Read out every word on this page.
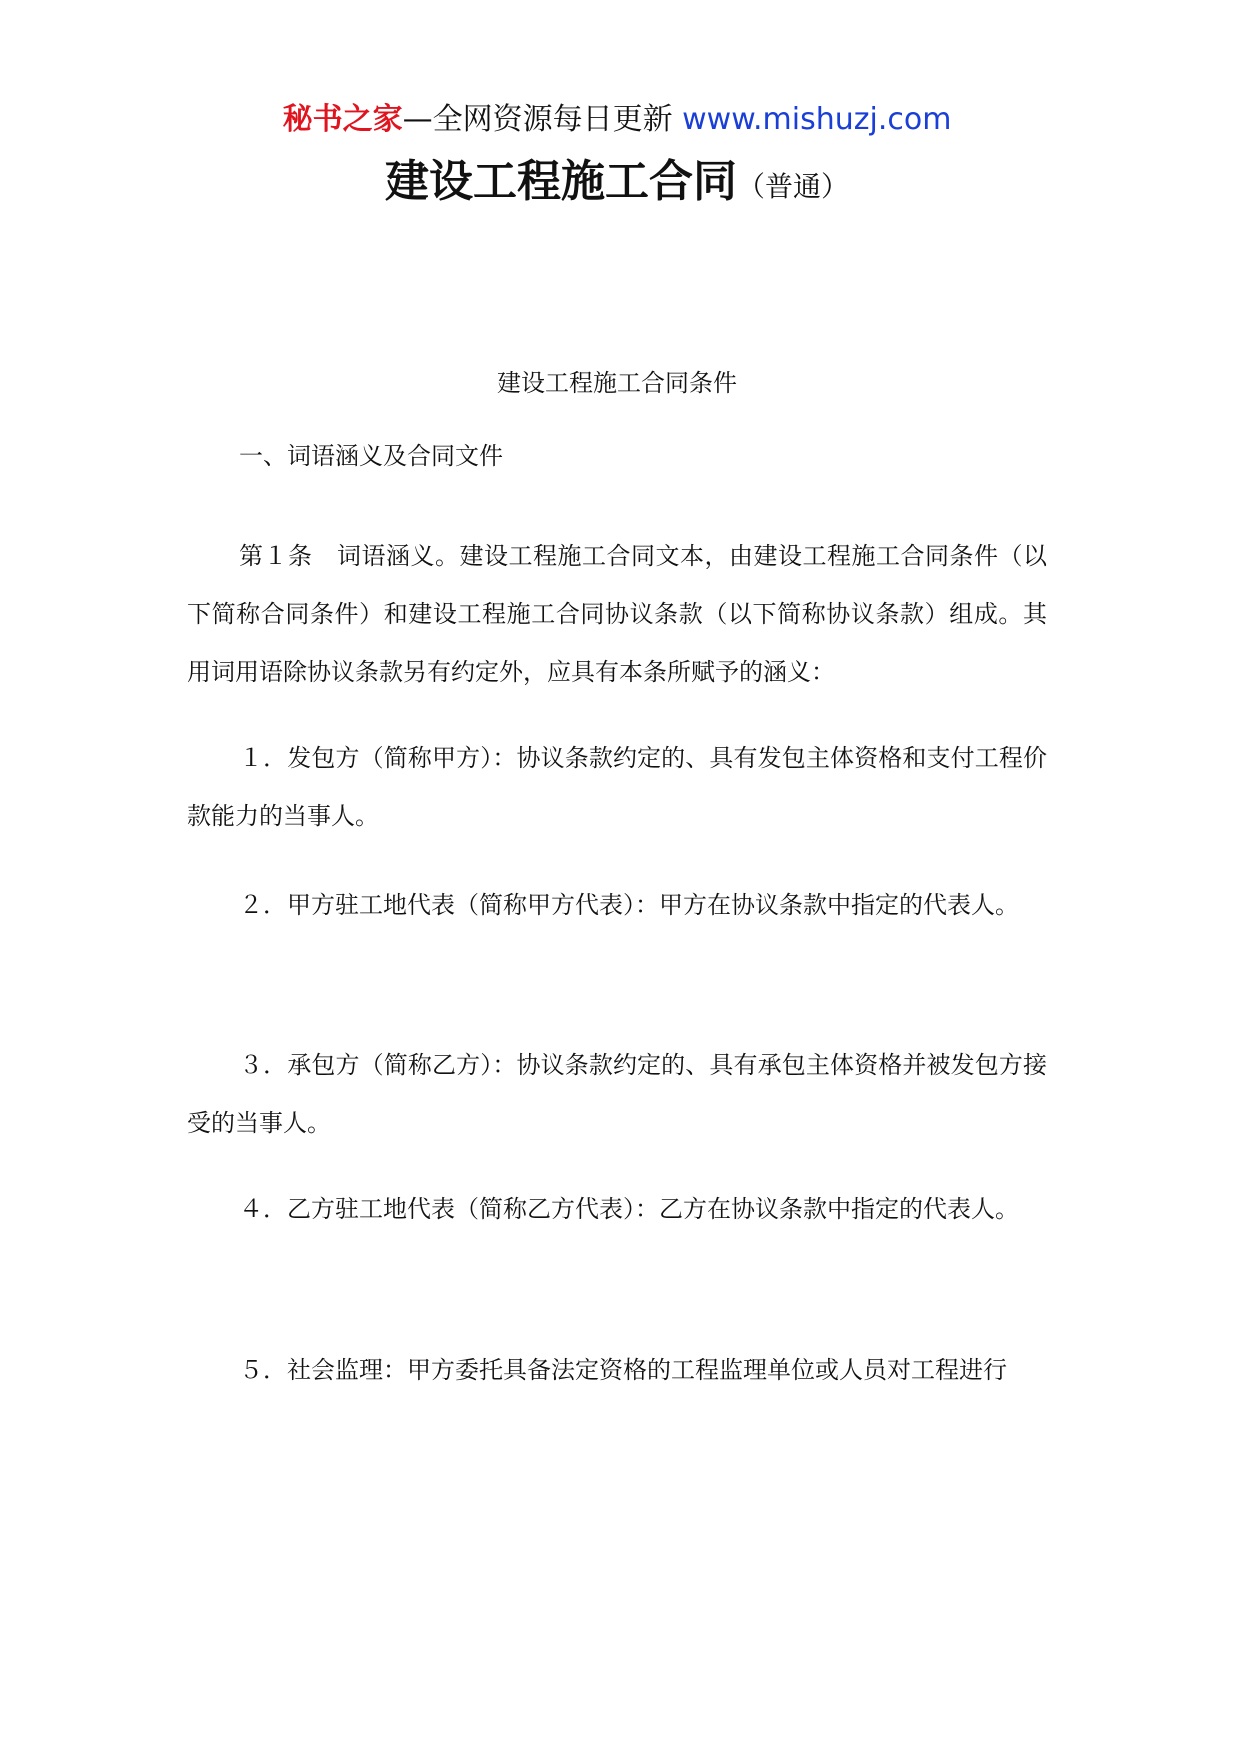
秘书之家—全网资源每日更新 www.mishuzj.com
建设工程施工合同（普通）
建设工程施工合同条件
一、词语涵义及合同文件
第１条　词语涵义。建设工程施工合同文本，由建设工程施工合同条件（以下简称合同条件）和建设工程施工合同协议条款（以下简称协议条款）组成。其用词用语除协议条款另有约定外，应具有本条所赋予的涵义：
１．发包方（简称甲方）：协议条款约定的、具有发包主体资格和支付工程价款能力的当事人。
２．甲方驻工地代表（简称甲方代表）：甲方在协议条款中指定的代表人。
３．承包方（简称乙方）：协议条款约定的、具有承包主体资格并被发包方接受的当事人。
４．乙方驻工地代表（简称乙方代表）：乙方在协议条款中指定的代表人。
５．社会监理：甲方委托具备法定资格的工程监理单位或人员对工程进行
